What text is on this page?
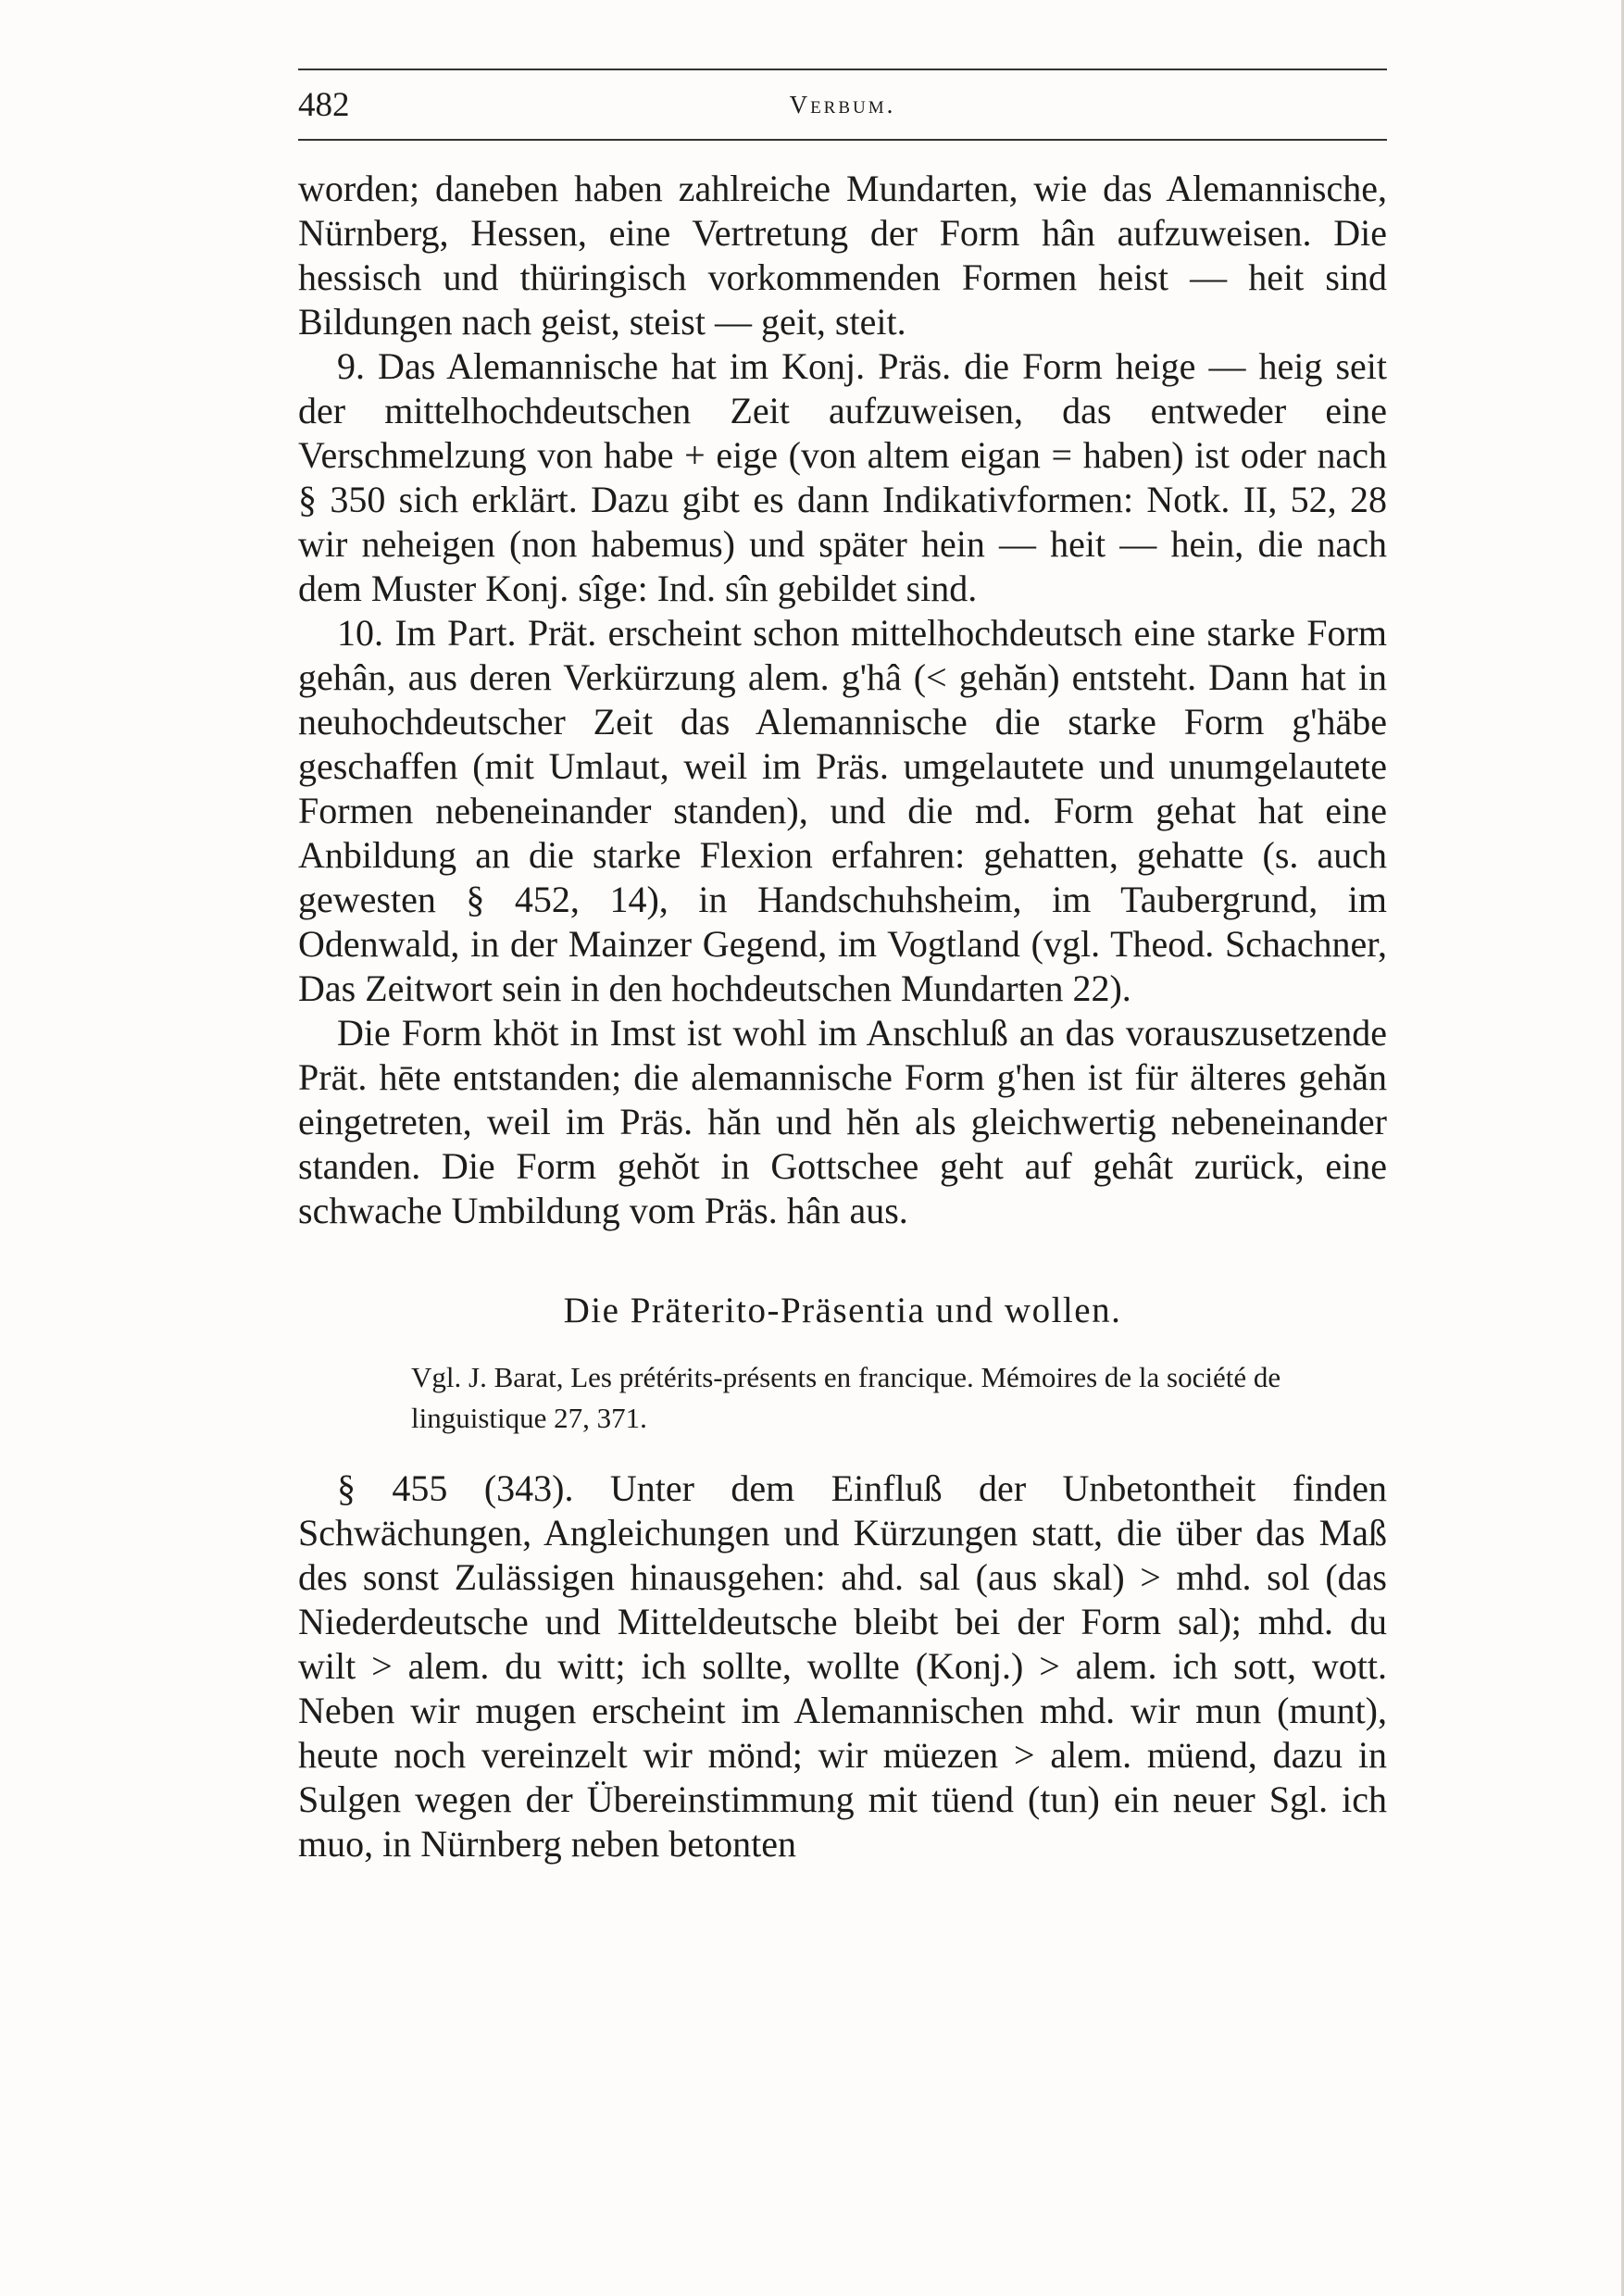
482	Verbum.

worden; daneben haben zahlreiche Mundarten, wie das Alemannische, Nürnberg, Hessen, eine Vertretung der Form hân aufzuweisen. Die hessisch und thüringisch vorkommenden Formen heist — heit sind Bildungen nach geist, steist — geit, steit.

9. Das Alemannische hat im Konj. Präs. die Form heige — heig seit der mittelhochdeutschen Zeit aufzuweisen, das entweder eine Verschmelzung von habe + eige (von altem eigan = haben) ist oder nach § 350 sich erklärt. Dazu gibt es dann Indikativformen: Notk. II, 52, 28 wir neheigen (non habemus) und später hein — heit — hein, die nach dem Muster Konj. sîge: Ind. sîn gebildet sind.

10. Im Part. Prät. erscheint schon mittelhochdeutsch eine starke Form gehân, aus deren Verkürzung alem. g'hâ (< gehăn) entsteht. Dann hat in neuhochdeutscher Zeit das Alemannische die starke Form g'häbe geschaffen (mit Umlaut, weil im Präs. umgelautete und unumgelautete Formen nebeneinander standen), und die md. Form gehat hat eine Anbildung an die starke Flexion erfahren: gehatten, gehatte (s. auch gewesten § 452, 14), in Handschuhsheim, im Taubergrund, im Odenwald, in der Mainzer Gegend, im Vogtland (vgl. Theod. Schachner, Das Zeitwort sein in den hochdeutschen Mundarten 22).

Die Form khöt in Imst ist wohl im Anschluß an das vorauszusetzende Prät. hēte entstanden; die alemannische Form g'hen ist für älteres gehăn eingetreten, weil im Präs. hăn und hĕn als gleichwertig nebeneinander standen. Die Form gehŏt in Gottschee geht auf gehât zurück, eine schwache Umbildung vom Präs. hân aus.

Die Präterito-Präsentia und wollen.

Vgl. J. Barat, Les prétérits-présents en francique. Mémoires de la société de linguistique 27, 371.

§ 455 (343). Unter dem Einfluß der Unbetontheit finden Schwächungen, Angleichungen und Kürzungen statt, die über das Maß des sonst Zulässigen hinausgehen: ahd. sal (aus skal) > mhd. sol (das Niederdeutsche und Mitteldeutsche bleibt bei der Form sal); mhd. du wilt > alem. du witt; ich sollte, wollte (Konj.) > alem. ich sott, wott. Neben wir mugen erscheint im Alemannischen mhd. wir mun (munt), heute noch vereinzelt wir mönd; wir müezen > alem. müend, dazu in Sulgen wegen der Übereinstimmung mit tüend (tun) ein neuer Sgl. ich muo, in Nürnberg neben betonten
